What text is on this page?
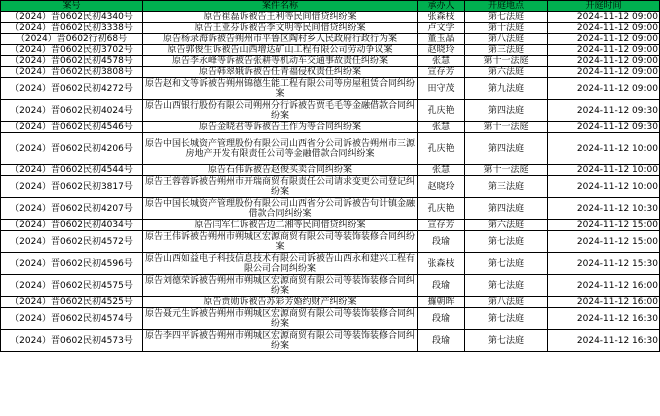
案号	案件名称	承办人	开庭地点	开庭时间
（2024）晋0602民初4340号	原告崔磊诉被告王利等民间借贷纠纷案	张森枝	第七法庭	2024-11-12 09:00
（2024）晋0602民初3338号	原告王亚芬诉被告李文明等民间借贷纠纷案	卢文学	第十法庭	2024-11-12 09:00
（2024）晋0602行初68号	原告杨录海诉被告朔州市平鲁区陶村乡人民政府行政行为案	董玉晶	第八法庭	2024-11-12 09:00
（2024）晋0602民初3702号	原告郭俊生诉被告山西增达矿山工程有限公司劳动争议案	赵晓玲	第三法庭	2024-11-12 09:00
（2024）晋0602民初4578号	原告李永峰等诉被告张耕等机动车交通事故责任纠纷案	张慧	第十一法庭	2024-11-12 09:00
（2024）晋0602民初3808号	原告韩翠娥诉被告任青福侵权责任纠纷案	宣存芳	第六法庭	2024-11-12 09:00
（2024）晋0602民初4272号	原告赵和文等诉被告朔州锦德生能工程有限公司等房屋租赁合同纠纷案	田守茂	第九法庭	2024-11-12 09:00
（2024）晋0602民初4024号	原告山西银行股份有限公司朔州分行诉被告贾毛毛等金融借款合同纠纷案	孔庆艳	第四法庭	2024-11-12 09:30
（2024）晋0602民初4546号	原告金晓君等诉被告王作为等合同纠纷案	张慧	第十一法庭	2024-11-12 09:30
（2024）晋0602民初4206号	原告中国长城资产管理股份有限公司山西省分公司诉被告朔州市三源房地产开发有限责任公司等金融借款合同纠纷案	孔庆艳	第四法庭	2024-11-12 10:00
（2024）晋0602民初4544号	原告石伟诉被告赵俊买卖合同纠纷案	张慧	第十一法庭	2024-11-12 10:00
（2024）晋0602民初3817号	原告王蓉蓉诉被告朔州市开瑞商贸有限责任公司请求变更公司登记纠纷案	赵晓玲	第三法庭	2024-11-12 10:00
（2024）晋0602民初4207号	原告中国长城资产管理股份有限公司山西省分公司诉被告句计镇金融借款合同纠纷案	孔庆艳	第四法庭	2024-11-12 10:30
（2024）晋0602民初4034号	原告闫军仁诉被告边二湘等民间借贷纠纷案	宣存芳	第六法庭	2024-11-12 15:00
（2024）晋0602民初4572号	原告王伟诉被告朔州市朔城区宏源商贸有限公司等装饰装修合同纠纷案	段瑜	第七法庭	2024-11-12 15:00
（2024）晋0602民初4596号	原告山西如益电子科技信息技术有限公司诉被告山西永和建兴工程有限公司合同纠纷案	张森枝	第七法庭	2024-11-12 15:30
（2024）晋0602民初4575号	原告刘德荣诉被告朔州市朔城区宏源商贸有限公司等装饰装修合同纠纷案	段瑜	第七法庭	2024-11-12 16:00
（2024）晋0602民初4525号	原告贾勋诉被告苏彩芳婚约财产纠纷案	攞朝晖	第八法庭	2024-11-12 16:00
（2024）晋0602民初4574号	原告聂元生诉被告朔州市朔城区宏源商贸有限公司等装饰装修合同纠纷案	段瑜	第七法庭	2024-11-12 16:30
（2024）晋0602民初4573号	原告李四平诉被告朔州市朔城区宏源商贸有限公司等装饰装修合同纠纷案	段瑜	第七法庭	2024-11-12 16:30
